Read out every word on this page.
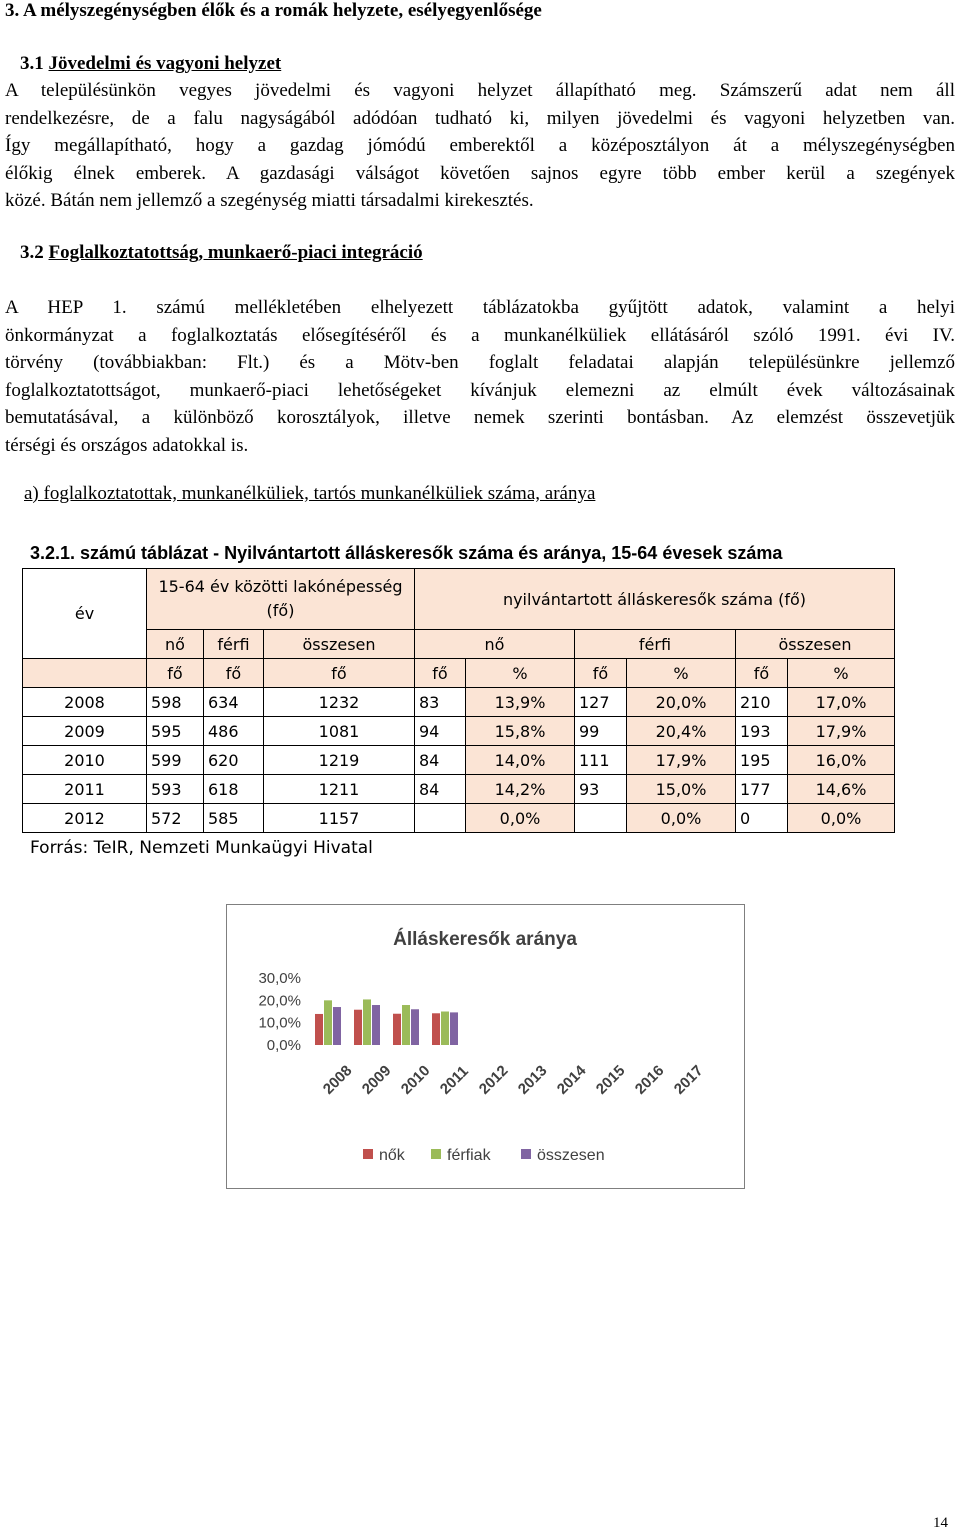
3. A mélyszegénységben élők és a romák helyzete, esélyegyenlősége
3.1 Jövedelmi és vagyoni helyzet
A településünkön vegyes jövedelmi és vagyoni helyzet állapítható meg. Számszerű adat nem áll
rendelkezésre, de a falu nagyságából adódóan tudható ki, milyen jövedelmi és vagyoni helyzetben van.
Így megállapítható, hogy a gazdag jómódú emberektől a középosztályon át a mélyszegénységben
élőkig élnek emberek. A gazdasági válságot követően sajnos egyre több ember kerül a szegények
közé. Bátán nem jellemző a szegénység miatti társadalmi kirekesztés.
3.2 Foglalkoztatottság, munkaerő-piaci integráció
A HEP 1. számú mellékletében elhelyezett táblázatokba gyűjtött adatok, valamint a helyi
önkormányzat a foglalkoztatás elősegítéséről és a munkanélküliek ellátásáról szóló 1991. évi IV.
törvény (továbbiakban: Flt.) és a Mötv-ben foglalt feladatai alapján településünkre jellemző
foglalkoztatottságot, munkaerő-piaci lehetőségeket kívánjuk elemezni az elmúlt évek változásainak
bemutatásával, a különböző korosztályok, illetve nemek szerinti bontásban. Az elemzést összevetjük
térségi és országos adatokkal is.
a) foglalkoztatottak, munkanélküliek, tartós munkanélküliek száma, aránya
3.2.1. számú táblázat - Nyilvántartott álláskeresők száma és aránya, 15-64 évesek száma
év	15-64 év közötti lakónépesség (fő)			nyilvántartott álláskeresők száma (fő)					
	nő	férfi	összesen	nő		férfi		összesen	
	fő	fő	fő	fő	%	fő	%	fő	%
2008	598	634	1232	83	13,9%	127	20,0%	210	17,0%
2009	595	486	1081	94	15,8%	99	20,4%	193	17,9%
2010	599	620	1219	84	14,0%	111	17,9%	195	16,0%
2011	593	618	1211	84	14,2%	93	15,0%	177	14,6%
2012	572	585	1157		0,0%		0,0%	0	0,0%
Forrás: TeIR, Nemzeti Munkaügyi Hivatal
Álláskeresők aránya
30,0%
20,0%
10,0%
0,0%
2008 2009 2010 2011 2012 2013 2014 2015 2016 2017
nők	férfiak	összesen
14
